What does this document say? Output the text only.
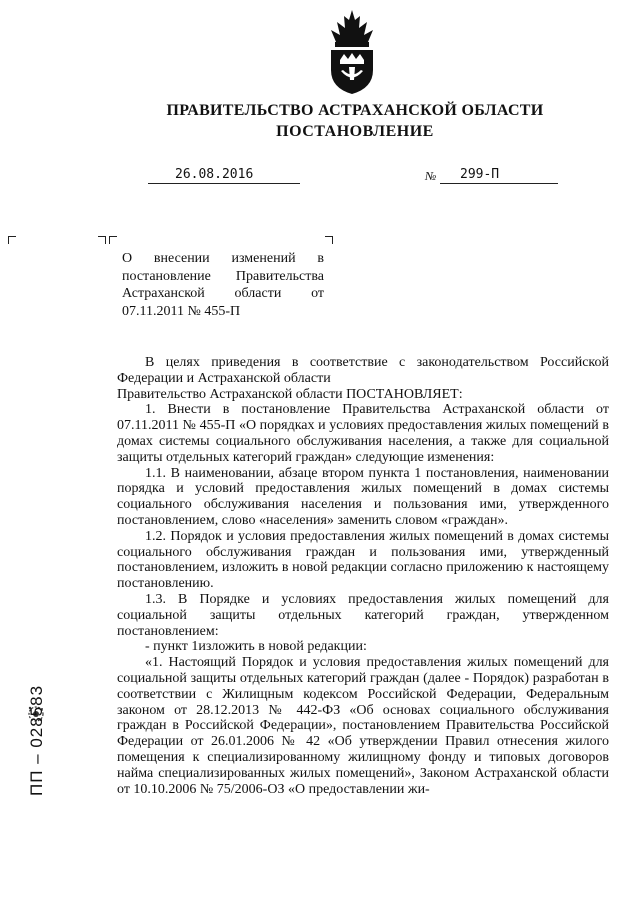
ПРАВИТЕЛЬСТВО АСТРАХАНСКОЙ ОБЛАСТИ
ПОСТАНОВЛЕНИЕ
26.08.2016	№ 299-П
О внесении изменений в постановление Правительства Астраханской области от 07.11.2011 № 455-П

В целях приведения в соответствие с законодательством Российской Федерации и Астраханской области

Правительство Астраханской области ПОСТАНОВЛЯЕТ:

1. Внести в постановление Правительства Астраханской области от 07.11.2011 № 455-П «О порядках и условиях предоставления жилых помещений в домах системы социального обслуживания населения, а также для социальной защиты отдельных категорий граждан» следующие изменения:

1.1. В наименовании, абзаце втором пункта 1 постановления, наименовании порядка и условий предоставления жилых помещений в домах системы социального обслуживания населения и пользования ими, утвержденного постановлением, слово «населения» заменить словом «граждан».

1.2. Порядок и условия предоставления жилых помещений в домах системы социального обслуживания граждан и пользования ими, утвержденный постановлением, изложить в новой редакции согласно приложению к настоящему постановлению.

1.3. В Порядке и условиях предоставления жилых помещений для социальной защиты отдельных категорий граждан, утвержденном постановлением:

- пункт 1изложить в новой редакции:

«1. Настоящий Порядок и условия предоставления жилых помещений для социальной защиты отдельных категорий граждан (далее - Порядок) разработан в соответствии с Жилищным кодексом Российской Федерации, Федеральным законом от 28.12.2013 № 442-ФЗ «Об основах социального обслуживания граждан в Российской Федерации», постановлением Правительства Российской Федерации от 26.01.2006 № 42 «Об утверждении Правил отнесения жилого помещения к специализированному жилищному фонду и типовых договоров найма специализированных жилых помещений», Законом Астраханской области от 10.10.2006 № 75/2006-ОЗ «О предоставлении жи-

ПП – 028583
